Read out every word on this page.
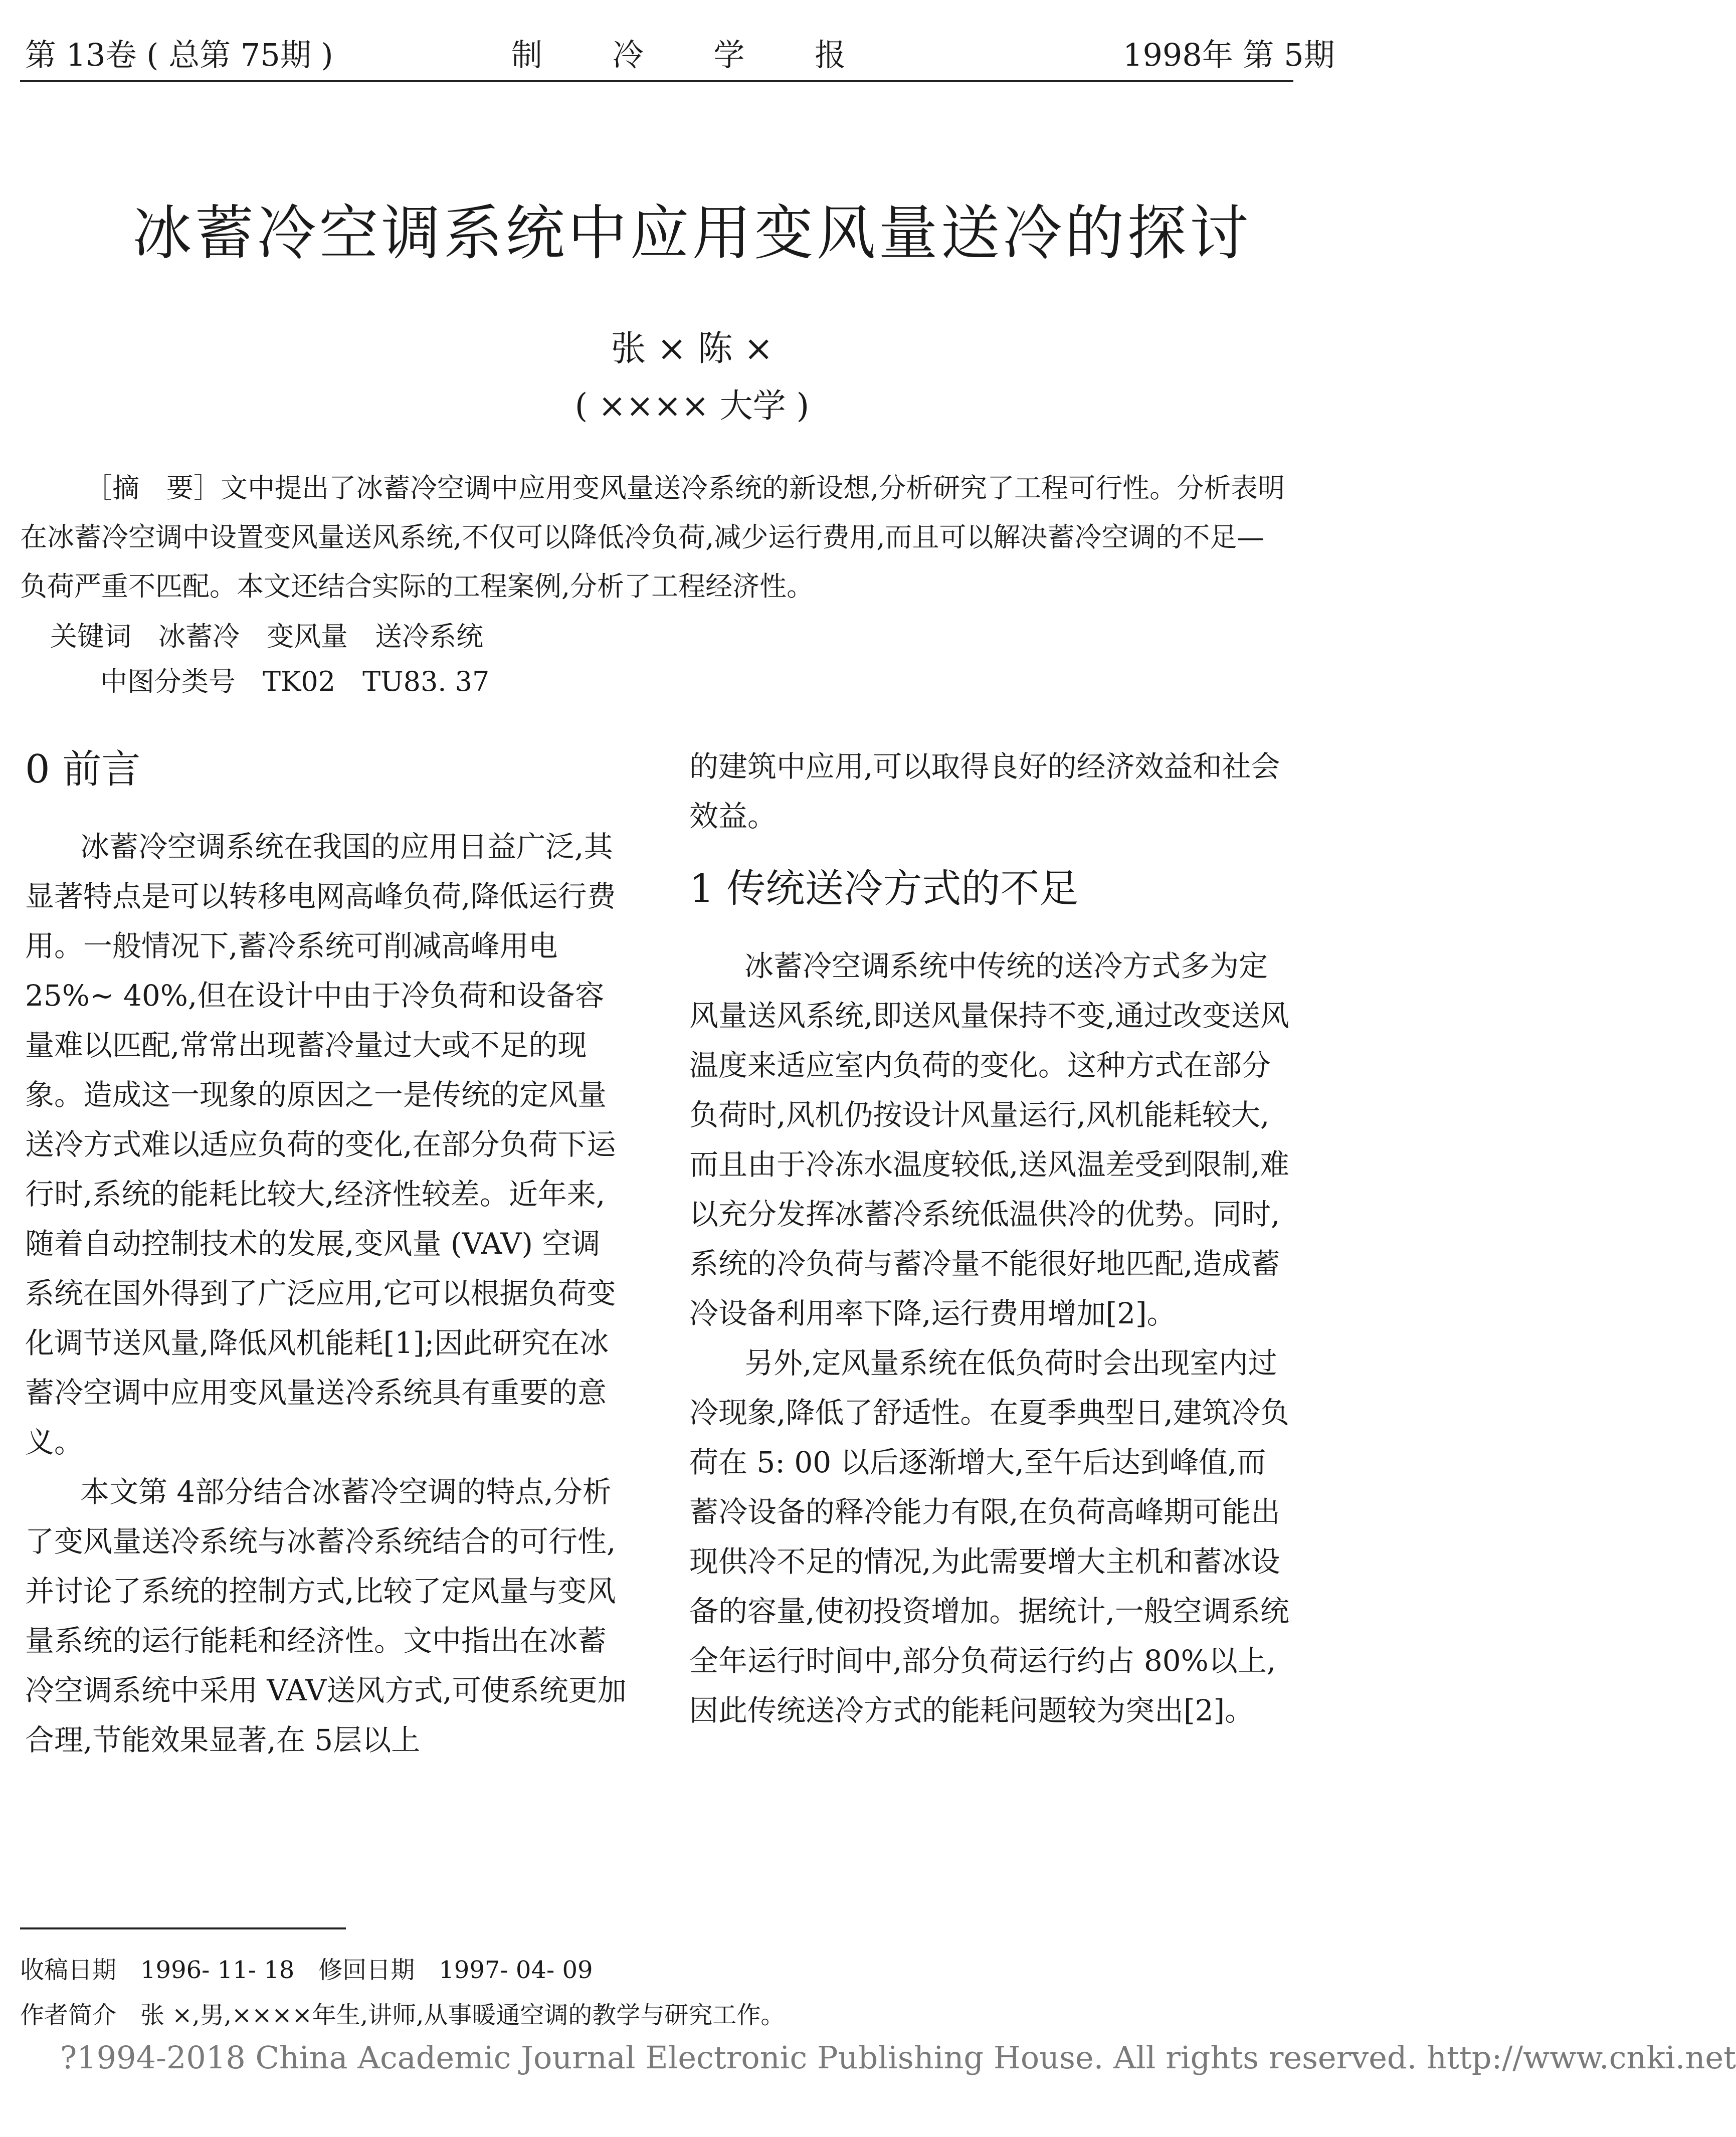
第 13卷 ( 总第 75期 )	制 冷 学 报	1998年 第 5期
冰蓄冷空调系统中应用变风量送冷的探讨
张 × 陈 ×
( ×××× 大学 )

［摘　要］文中提出了冰蓄冷空调中应用变风量送冷系统的新设想,分析研究了工程可行性。分析表明在冰蓄冷空调中设置变风量送风系统,不仅可以降低冷负荷,减少运行费用,而且可以解决蓄冷空调的不足— 负荷严重不匹配。本文还结合实际的工程案例,分析了工程经济性。

关键词　冰蓄冷　变风量　送冷系统
中图分类号　TK02　TU83. 37
0 前言

冰蓄冷空调系统在我国的应用日益广泛,其显著特点是可以转移电网高峰负荷,降低运行费用。一般情况下,蓄冷系统可削减高峰用电 25%~ 40%,但在设计中由于冷负荷和设备容量难以匹配,常常出现蓄冷量过大或不足的现象。造成这一现象的原因之一是传统的定风量送冷方式难以适应负荷的变化,在部分负荷下运行时,系统的能耗比较大,经济性较差。近年来,随着自动控制技术的发展,变风量 (VAV) 空调系统在国外得到了广泛应用,它可以根据负荷变化调节送风量,降低风机能耗[1];因此研究在冰蓄冷空调中应用变风量送冷系统具有重要的意义。

本文第 4部分结合冰蓄冷空调的特点,分析了变风量送冷系统与冰蓄冷系统结合的可行性,并讨论了系统的控制方式,比较了定风量与变风量系统的运行能耗和经济性。文中指出在冰蓄冷空调系统中采用 VAV送风方式,可使系统更加合理,节能效果显著,在 5层以上

的建筑中应用,可以取得良好的经济效益和社会效益。

1 传统送冷方式的不足

冰蓄冷空调系统中传统的送冷方式多为定风量送风系统,即送风量保持不变,通过改变送风温度来适应室内负荷的变化。这种方式在部分负荷时,风机仍按设计风量运行,风机能耗较大,而且由于冷冻水温度较低,送风温差受到限制,难以充分发挥冰蓄冷系统低温供冷的优势。同时,系统的冷负荷与蓄冷量不能很好地匹配,造成蓄冷设备利用率下降,运行费用增加[2]。

另外,定风量系统在低负荷时会出现室内过冷现象,降低了舒适性。在夏季典型日,建筑冷负荷在 5: 00 以后逐渐增大,至午后达到峰值,而蓄冷设备的释冷能力有限,在负荷高峰期可能出现供冷不足的情况,为此需要增大主机和蓄冰设备的容量,使初投资增加。据统计,一般空调系统全年运行时间中,部分负荷运行约占 80%以上,因此传统送冷方式的能耗问题较为突出[2]。

收稿日期　1996- 11- 18　修回日期　1997- 04- 09
作者简介　张 ×,男,××××年生,讲师,从事暖通空调的教学与研究工作。
?1994-2018 China Academic Journal Electronic Publishing House. All rights reserved. http://www.cnki.net
